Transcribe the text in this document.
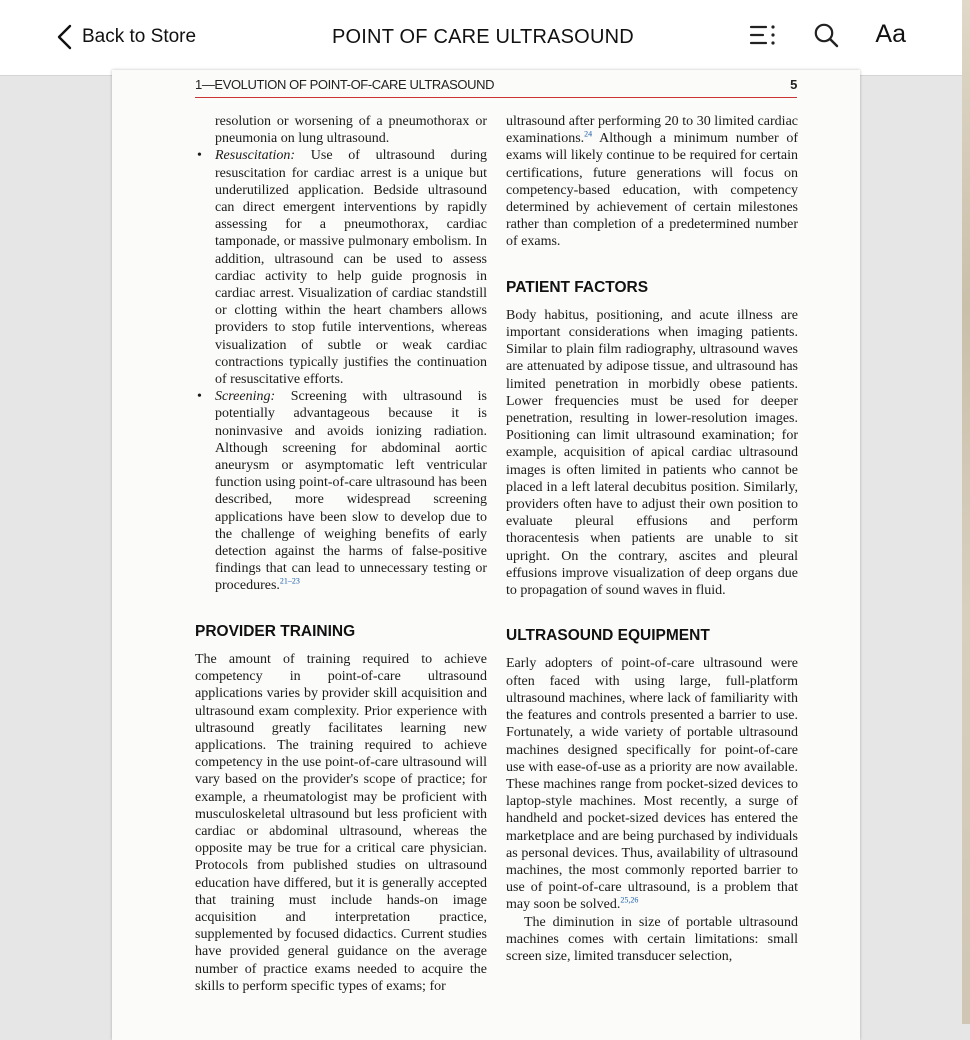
Back to Store	POINT OF CARE ULTRASOUND	Aa
1—EVOLUTION OF POINT-OF-CARE ULTRASOUND	5

resolution or worsening of a pneumothorax or pneumonia on lung ultrasound.

• Resuscitation: Use of ultrasound during resuscitation for cardiac arrest is a unique but underutilized application. Bedside ultrasound can direct emergent interventions by rapidly assessing for a pneumothorax, cardiac tamponade, or massive pulmonary embolism. In addition, ultrasound can be used to assess cardiac activity to help guide prognosis in cardiac arrest. Visualization of cardiac standstill or clotting within the heart chambers allows providers to stop futile interventions, whereas visualization of subtle or weak cardiac contractions typically justifies the continuation of resuscitative efforts.
• Screening: Screening with ultrasound is potentially advantageous because it is noninvasive and avoids ionizing radiation. Although screening for abdominal aortic aneurysm or asymptomatic left ventricular function using point-of-care ultrasound has been described, more widespread screening applications have been slow to develop due to the challenge of weighing benefits of early detection against the harms of false-positive findings that can lead to unnecessary testing or procedures.$^{21-23}$
PROVIDER TRAINING

The amount of training required to achieve competency in point-of-care ultrasound applications varies by provider skill acquisition and ultrasound exam complexity. Prior experience with ultrasound greatly facilitates learning new applications. The training required to achieve competency in the use point-of-care ultrasound will vary based on the provider's scope of practice; for example, a rheumatologist may be proficient with musculoskeletal ultrasound but less proficient with cardiac or abdominal ultrasound, whereas the opposite may be true for a critical care physician. Protocols from published studies on ultrasound education have differed, but it is generally accepted that training must include hands-on image acquisition and interpretation practice, supplemented by focused didactics. Current studies have provided general guidance on the average number of practice exams needed to acquire the skills to perform specific types of exams; for

ultrasound after performing 20 to 30 limited cardiac examinations.$^{24}$ Although a minimum number of exams will likely continue to be required for certain certifications, future generations will focus on competency-based education, with competency determined by achievement of certain milestones rather than completion of a predetermined number of exams.

PATIENT FACTORS

Body habitus, positioning, and acute illness are important considerations when imaging patients. Similar to plain film radiography, ultrasound waves are attenuated by adipose tissue, and ultrasound has limited penetration in morbidly obese patients. Lower frequencies must be used for deeper penetration, resulting in lower-resolution images. Positioning can limit ultrasound examination; for example, acquisition of apical cardiac ultrasound images is often limited in patients who cannot be placed in a left lateral decubitus position. Similarly, providers often have to adjust their own position to evaluate pleural effusions and perform thoracentesis when patients are unable to sit upright. On the contrary, ascites and pleural effusions improve visualization of deep organs due to propagation of sound waves in fluid.

ULTRASOUND EQUIPMENT

Early adopters of point-of-care ultrasound were often faced with using large, full-platform ultrasound machines, where lack of familiarity with the features and controls presented a barrier to use. Fortunately, a wide variety of portable ultrasound machines designed specifically for point-of-care use with ease-of-use as a priority are now available. These machines range from pocket-sized devices to laptop-style machines. Most recently, a surge of handheld and pocket-sized devices has entered the marketplace and are being purchased by individuals as personal devices. Thus, availability of ultrasound machines, the most commonly reported barrier to use of point-of-care ultrasound, is a problem that may soon be solved.$^{25,26}$

The diminution in size of portable ultrasound machines comes with certain limitations: small screen size, limited transducer selection,
